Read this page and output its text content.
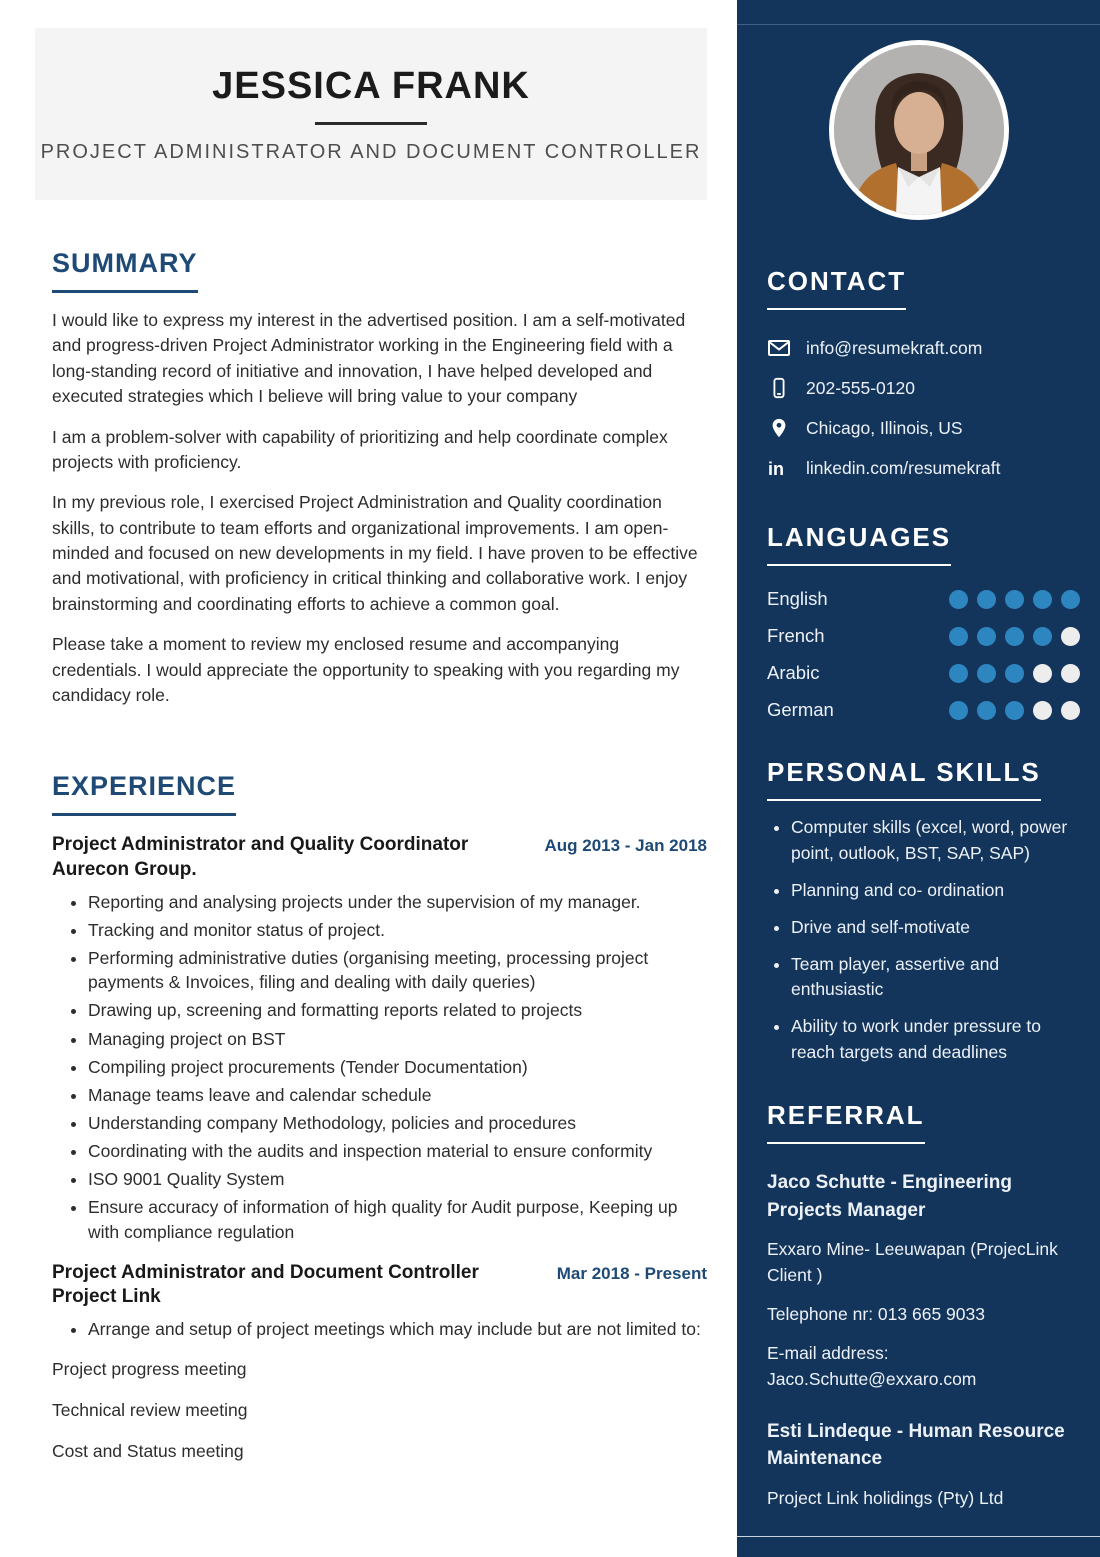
JESSICA FRANK
PROJECT ADMINISTRATOR AND DOCUMENT CONTROLLER
SUMMARY

I would like to express my interest in the advertised position. I am a self-motivated and progress-driven Project Administrator working in the Engineering field with a long-standing record of initiative and innovation, I have helped developed and executed strategies which I believe will bring value to your company

I am a problem-solver with capability of prioritizing and help coordinate complex projects with proficiency.

In my previous role, I exercised Project Administration and Quality coordination skills, to contribute to team efforts and organizational improvements. I am open-minded and focused on new developments in my field. I have proven to be effective and motivational, with proficiency in critical thinking and collaborative work. I enjoy brainstorming and coordinating efforts to achieve a common goal.

Please take a moment to review my enclosed resume and accompanying credentials. I would appreciate the opportunity to speaking with you regarding my candidacy role.

EXPERIENCE
Project Administrator and Quality Coordinator	Aug 2013 - Jan 2018
Aurecon Group.
• Reporting and analysing projects under the supervision of my manager.
• Tracking and monitor status of project.
• Performing administrative duties (organising meeting, processing project payments & Invoices, filing and dealing with daily queries)
• Drawing up, screening and formatting reports related to projects
• Managing project on BST
• Compiling project procurements (Tender Documentation)
• Manage teams leave and calendar schedule
• Understanding company Methodology, policies and procedures
• Coordinating with the audits and inspection material to ensure conformity
• ISO 9001 Quality System
• Ensure accuracy of information of high quality for Audit purpose, Keeping up with compliance regulation
Project Administrator and Document Controller	Mar 2018 - Present
Project Link
• Arrange and setup of project meetings which may include but are not limited to:

Project progress meeting

Technical review meeting

Cost and Status meeting

CONTACT
info@resumekraft.com
202-555-0120
Chicago, Illinois, US
in linkedin.com/resumekraft
LANGUAGES
English
French
Arabic
German
PERSONAL SKILLS
• Computer skills (excel, word, power point, outlook, BST, SAP, SAP)
• Planning and co- ordination
• Drive and self-motivate
• Team player, assertive and enthusiastic
• Ability to work under pressure to reach targets and deadlines
REFERRAL
Jaco Schutte - Engineering Projects Manager

Exxaro Mine- Leeuwapan (ProjecLink Client )

Telephone nr: 013 665 9033

E-mail address: Jaco.Schutte@exxaro.com

Esti Lindeque - Human Resource Maintenance

Project Link holidings (Pty) Ltd
